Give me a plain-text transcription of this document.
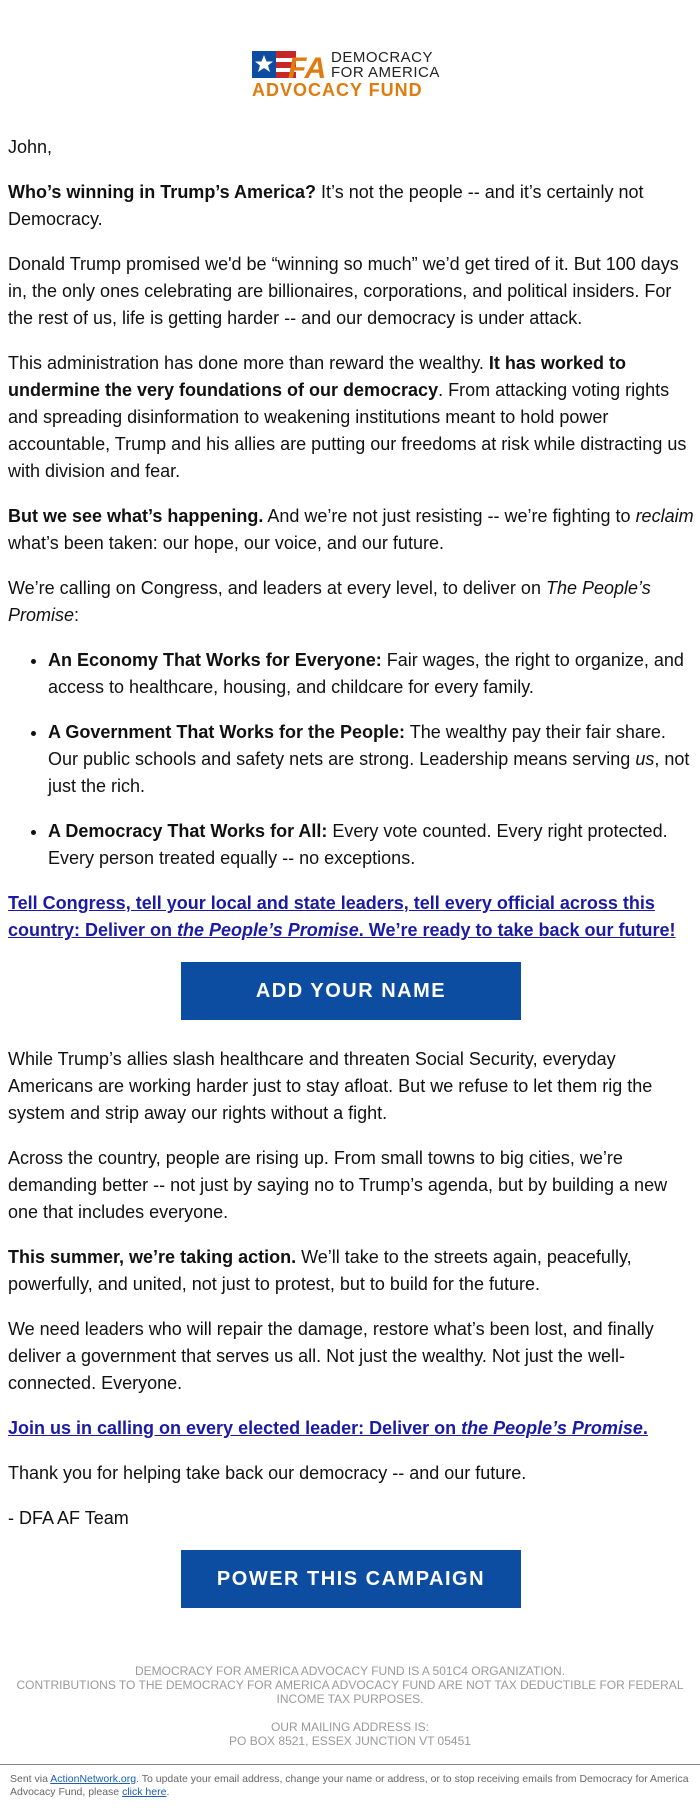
FA DEMOCRACY
FOR AMERICA
ADVOCACY FUND

John,

Who’s winning in Trump’s America? It’s not the people -- and it’s certainly not Democracy.

Donald Trump promised we'd be “winning so much” we’d get tired of it. But 100 days in, the only ones celebrating are billionaires, corporations, and political insiders. For the rest of us, life is getting harder -- and our democracy is under attack.

This administration has done more than reward the wealthy. It has worked to undermine the very foundations of our democracy. From attacking voting rights and spreading disinformation to weakening institutions meant to hold power accountable, Trump and his allies are putting our freedoms at risk while distracting us with division and fear.

But we see what’s happening. And we’re not just resisting -- we’re fighting to reclaim what’s been taken: our hope, our voice, and our future.

We’re calling on Congress, and leaders at every level, to deliver on The People’s Promise:

• An Economy That Works for Everyone: Fair wages, the right to organize, and access to healthcare, housing, and childcare for every family.
• A Government That Works for the People: The wealthy pay their fair share. Our public schools and safety nets are strong. Leadership means serving us, not just the rich.
• A Democracy That Works for All: Every vote counted. Every right protected. Every person treated equally -- no exceptions.

Tell Congress, tell your local and state leaders, tell every official across this country: Deliver on the People’s Promise. We’re ready to take back our future!

ADD YOUR NAME

While Trump’s allies slash healthcare and threaten Social Security, everyday Americans are working harder just to stay afloat. But we refuse to let them rig the system and strip away our rights without a fight.

Across the country, people are rising up. From small towns to big cities, we’re demanding better -- not just by saying no to Trump’s agenda, but by building a new one that includes everyone.

This summer, we’re taking action. We’ll take to the streets again, peacefully, powerfully, and united, not just to protest, but to build for the future.

We need leaders who will repair the damage, restore what’s been lost, and finally deliver a government that serves us all. Not just the wealthy. Not just the well-connected. Everyone.

Join us in calling on every elected leader: Deliver on the People’s Promise.

Thank you for helping take back our democracy -- and our future.

- DFA AF Team

POWER THIS CAMPAIGN

DEMOCRACY FOR AMERICA ADVOCACY FUND IS A 501C4 ORGANIZATION.

CONTRIBUTIONS TO THE DEMOCRACY FOR AMERICA ADVOCACY FUND ARE NOT TAX DEDUCTIBLE FOR FEDERAL INCOME TAX PURPOSES.

OUR MAILING ADDRESS IS:

PO BOX 8521, ESSEX JUNCTION VT 05451

Sent via ActionNetwork.org. To update your email address, change your name or address, or to stop receiving emails from Democracy for America Advocacy Fund, please click here.
